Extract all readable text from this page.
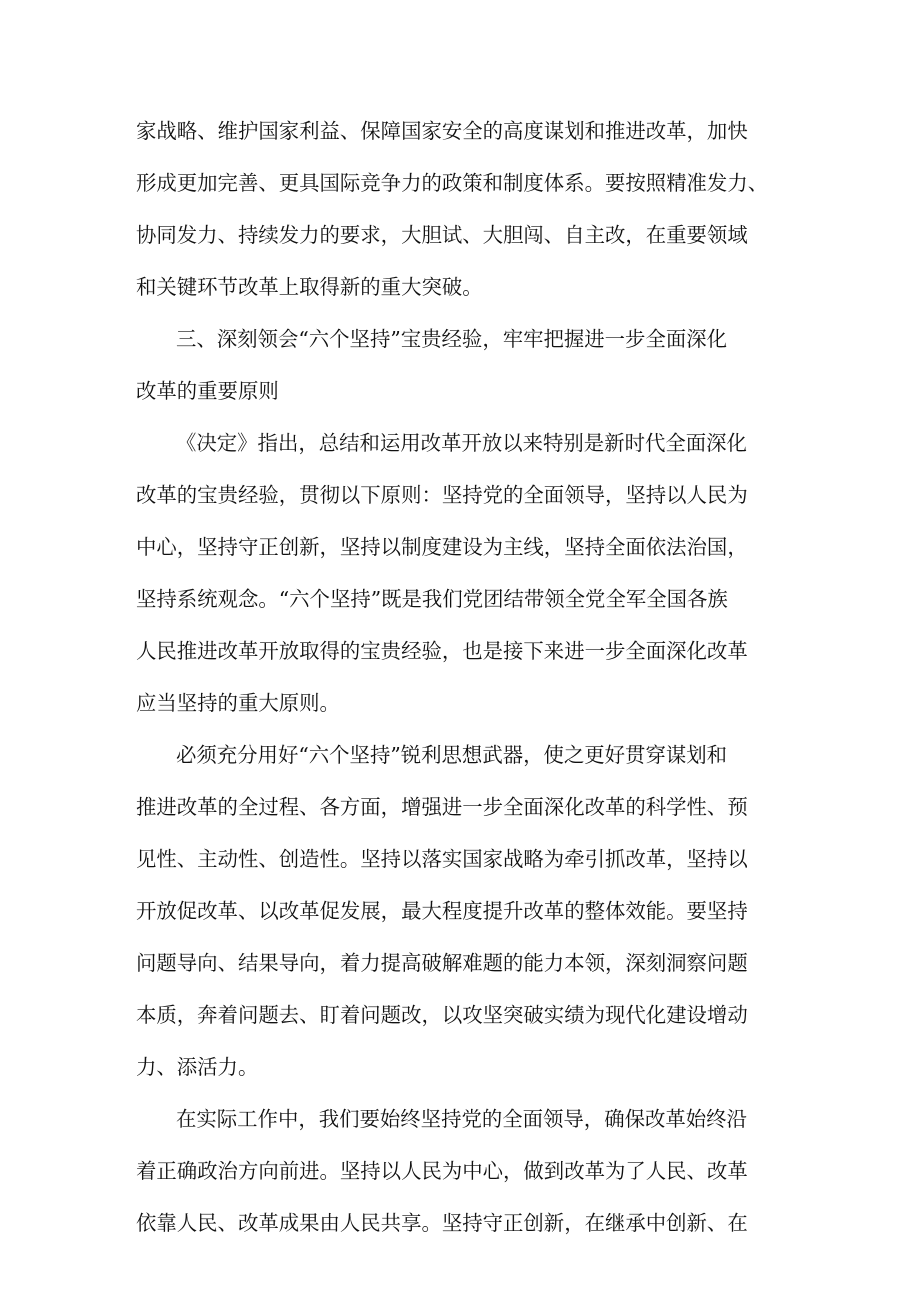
家战略、维护国家利益、保障国家安全的高度谋划和推进改革，加快
形成更加完善、更具国际竞争力的政策和制度体系。要按照精准发力、
协同发力、持续发力的要求，大胆试、大胆闯、自主改，在重要领域
和关键环节改革上取得新的重大突破。
三、深刻领会“六个坚持”宝贵经验，牢牢把握进一步全面深化
改革的重要原则
《决定》指出，总结和运用改革开放以来特别是新时代全面深化
改革的宝贵经验，贯彻以下原则：坚持党的全面领导，坚持以人民为
中心，坚持守正创新，坚持以制度建设为主线，坚持全面依法治国，
坚持系统观念。“六个坚持”既是我们党团结带领全党全军全国各族
人民推进改革开放取得的宝贵经验，也是接下来进一步全面深化改革
应当坚持的重大原则。
必须充分用好“六个坚持”锐利思想武器，使之更好贯穿谋划和
推进改革的全过程、各方面，增强进一步全面深化改革的科学性、预
见性、主动性、创造性。坚持以落实国家战略为牵引抓改革，坚持以
开放促改革、以改革促发展，最大程度提升改革的整体效能。要坚持
问题导向、结果导向，着力提高破解难题的能力本领，深刻洞察问题
本质，奔着问题去、盯着问题改，以攻坚突破实绩为现代化建设增动
力、添活力。
在实际工作中，我们要始终坚持党的全面领导，确保改革始终沿
着正确政治方向前进。坚持以人民为中心，做到改革为了人民、改革
依靠人民、改革成果由人民共享。坚持守正创新，在继承中创新、在
